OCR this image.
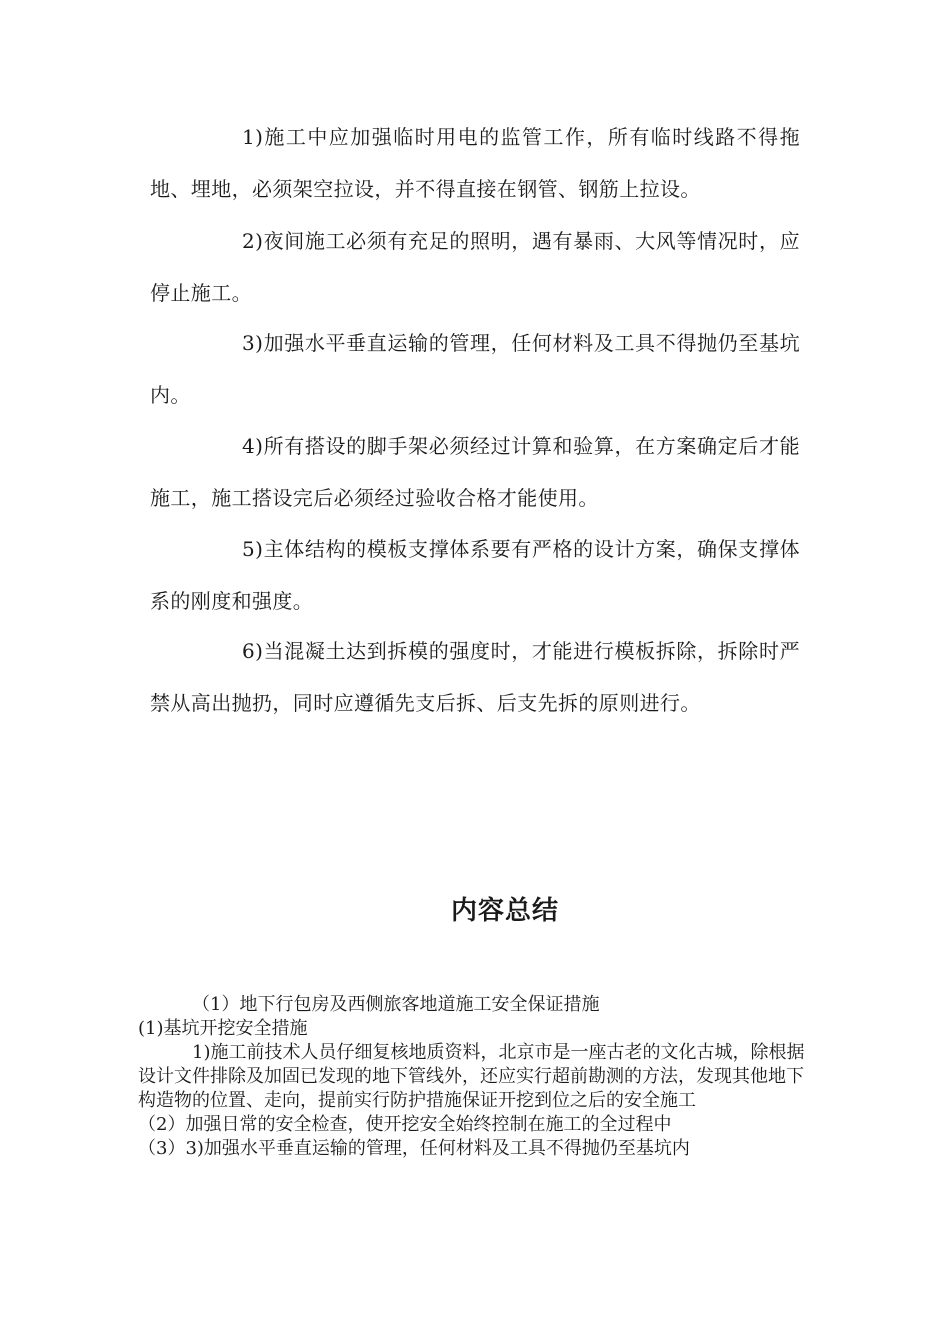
1)施工中应加强临时用电的监管工作，所有临时线路不得拖地、埋地，必须架空拉设，并不得直接在钢管、钢筋上拉设。

2)夜间施工必须有充足的照明，遇有暴雨、大风等情况时，应停止施工。

3)加强水平垂直运输的管理，任何材料及工具不得抛仍至基坑内。

4)所有搭设的脚手架必须经过计算和验算，在方案确定后才能施工，施工搭设完后必须经过验收合格才能使用。

5)主体结构的模板支撑体系要有严格的设计方案，确保支撑体系的刚度和强度。

6)当混凝土达到拆模的强度时，才能进行模板拆除，拆除时严禁从高出抛扔，同时应遵循先支后拆、后支先拆的原则进行。

内容总结

（1）地下行包房及西侧旅客地道施工安全保证措施

(1)基坑开挖安全措施

1)施工前技术人员仔细复核地质资料，北京市是一座古老的文化古城，除根据设计文件排除及加固已发现的地下管线外，还应实行超前勘测的方法，发现其他地下构造物的位置、走向，提前实行防护措施保证开挖到位之后的安全施工

（2）加强日常的安全检查，使开挖安全始终控制在施工的全过程中

（3）3)加强水平垂直运输的管理，任何材料及工具不得抛仍至基坑内
